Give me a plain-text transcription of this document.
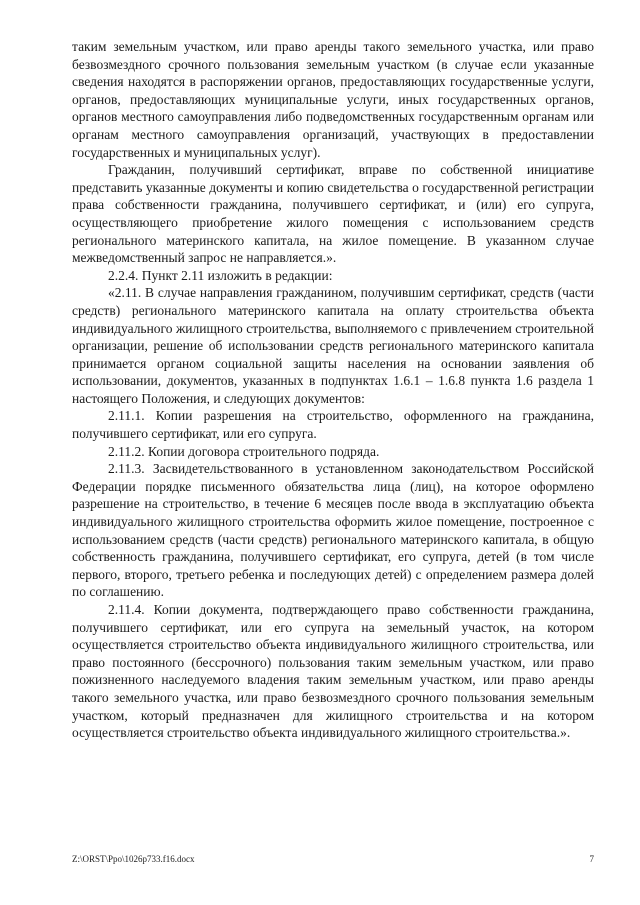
таким земельным участком, или право аренды такого земельного участка, или право безвозмездного срочного пользования земельным участком (в случае если указанные сведения находятся в распоряжении органов, предоставляющих государственные услуги, органов, предоставляющих муниципальные услуги, иных государственных органов, органов местного самоуправления либо подведомственных государственным органам или органам местного самоуправления организаций, участвующих в предоставлении государственных и муниципальных услуг).

Гражданин, получивший сертификат, вправе по собственной инициативе представить указанные документы и копию свидетельства о государственной регистрации права собственности гражданина, получившего сертификат, и (или) его супруга, осуществляющего приобретение жилого помещения с использованием средств регионального материнского капитала, на жилое помещение. В указанном случае межведомственный запрос не направляется.».

2.2.4. Пункт 2.11 изложить в редакции:

«2.11. В случае направления гражданином, получившим сертификат, средств (части средств) регионального материнского капитала на оплату строительства объекта индивидуального жилищного строительства, выполняемого с привлечением строительной организации, решение об использовании средств регионального материнского капитала принимается органом социальной защиты населения на основании заявления об использовании, документов, указанных в подпунктах 1.6.1 – 1.6.8 пункта 1.6 раздела 1 настоящего Положения, и следующих документов:

2.11.1. Копии разрешения на строительство, оформленного на гражданина, получившего сертификат, или его супруга.

2.11.2. Копии договора строительного подряда.

2.11.3. Засвидетельствованного в установленном законодательством Российской Федерации порядке письменного обязательства лица (лиц), на которое оформлено разрешение на строительство, в течение 6 месяцев после ввода в эксплуатацию объекта индивидуального жилищного строительства оформить жилое помещение, построенное с использованием средств (части средств) регионального материнского капитала, в общую собственность гражданина, получившего сертификат, его супруга, детей (в том числе первого, второго, третьего ребенка и последующих детей) с определением размера долей по соглашению.

2.11.4. Копии документа, подтверждающего право собственности гражданина, получившего сертификат, или его супруга на земельный участок, на котором осуществляется строительство объекта индивидуального жилищного строительства, или право постоянного (бессрочного) пользования таким земельным участком, или право пожизненного наследуемого владения таким земельным участком, или право аренды такого земельного участка, или право безвозмездного срочного пользования земельным участком, который предназначен для жилищного строительства и на котором осуществляется строительство объекта индивидуального жилищного строительства.».

Z:\ORST\Ppo\1026p733.f16.docx	7
